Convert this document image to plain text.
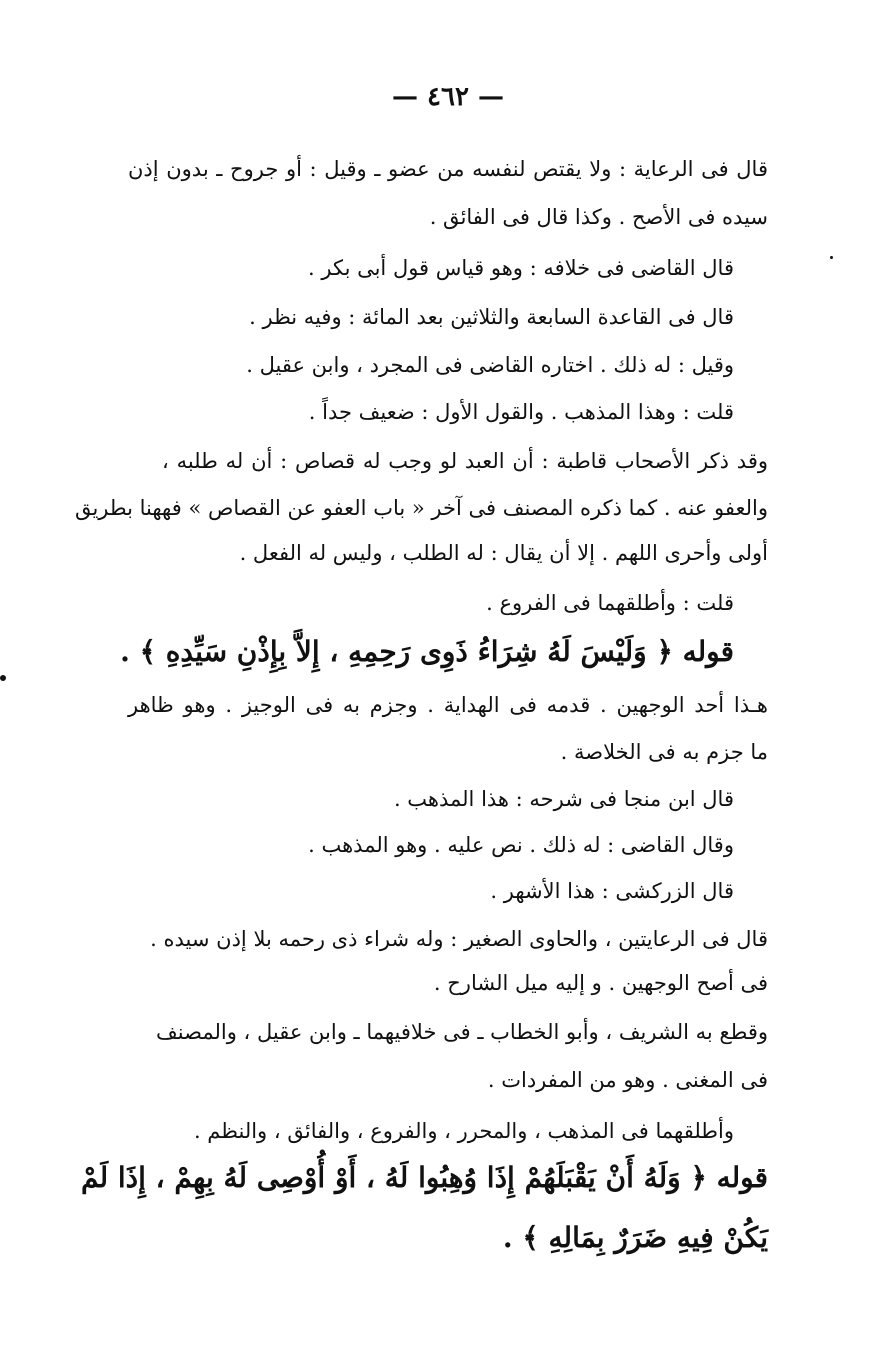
— ٤٦٢ —
قال فى الرعاية : ولا يقتص لنفسه من عضو ـ وقيل : أو جروح ـ بدون إذن
سيده فى الأصح . وكذا قال فى الفائق .
قال القاضى فى خلافه : وهو قياس قول أبى بكر .
قال فى القاعدة السابعة والثلاثين بعد المائة : وفيه نظر .
وقيل : له ذلك . اختاره القاضى فى المجرد ، وابن عقيل .
قلت : وهذا المذهب . والقول الأول : ضعيف جداً .
وقد ذكر الأصحاب قاطبة : أن العبد لو وجب له قصاص : أن له طلبه ،
والعفو عنه . كما ذكره المصنف فى آخر « باب العفو عن القصاص » فههنا بطريق
أولى وأحرى اللهم . إلا أن يقال : له الطلب ، وليس له الفعل .
قلت : وأطلقهما فى الفروع .
قوله ﴿ وَلَيْسَ لَهُ شِرَاءُ ذَوِى رَحِمِهِ ، إِلاَّ بِإِذْنِ سَيِّدِهِ ﴾ .
هـذا أحد الوجهين . قدمه فى الهداية . وجزم به فى الوجيز . وهو ظاهر
ما جزم به فى الخلاصة .
قال ابن منجا فى شرحه : هذا المذهب .
وقال القاضى : له ذلك . نص عليه . وهو المذهب .
قال الزركشى : هذا الأشهر .
قال فى الرعايتين ، والحاوى الصغير : وله شراء ذى رحمه بلا إذن سيده .
فى أصح الوجهين . و إليه ميل الشارح .
وقطع به الشريف ، وأبو الخطاب ـ فى خلافيهما ـ وابن عقيل ، والمصنف
فى المغنى . وهو من المفردات .
وأطلقهما فى المذهب ، والمحرر ، والفروع ، والفائق ، والنظم .
قوله ﴿ وَلَهُ أَنْ يَقْبَلَهُمْ إِذَا وُهِبُوا لَهُ ، أَوْ أُوْصِى لَهُ بِهِمْ ، إِذَا لَمْ
يَكُنْ فِيهِ ضَرَرٌ بِمَالِهِ ﴾ .
